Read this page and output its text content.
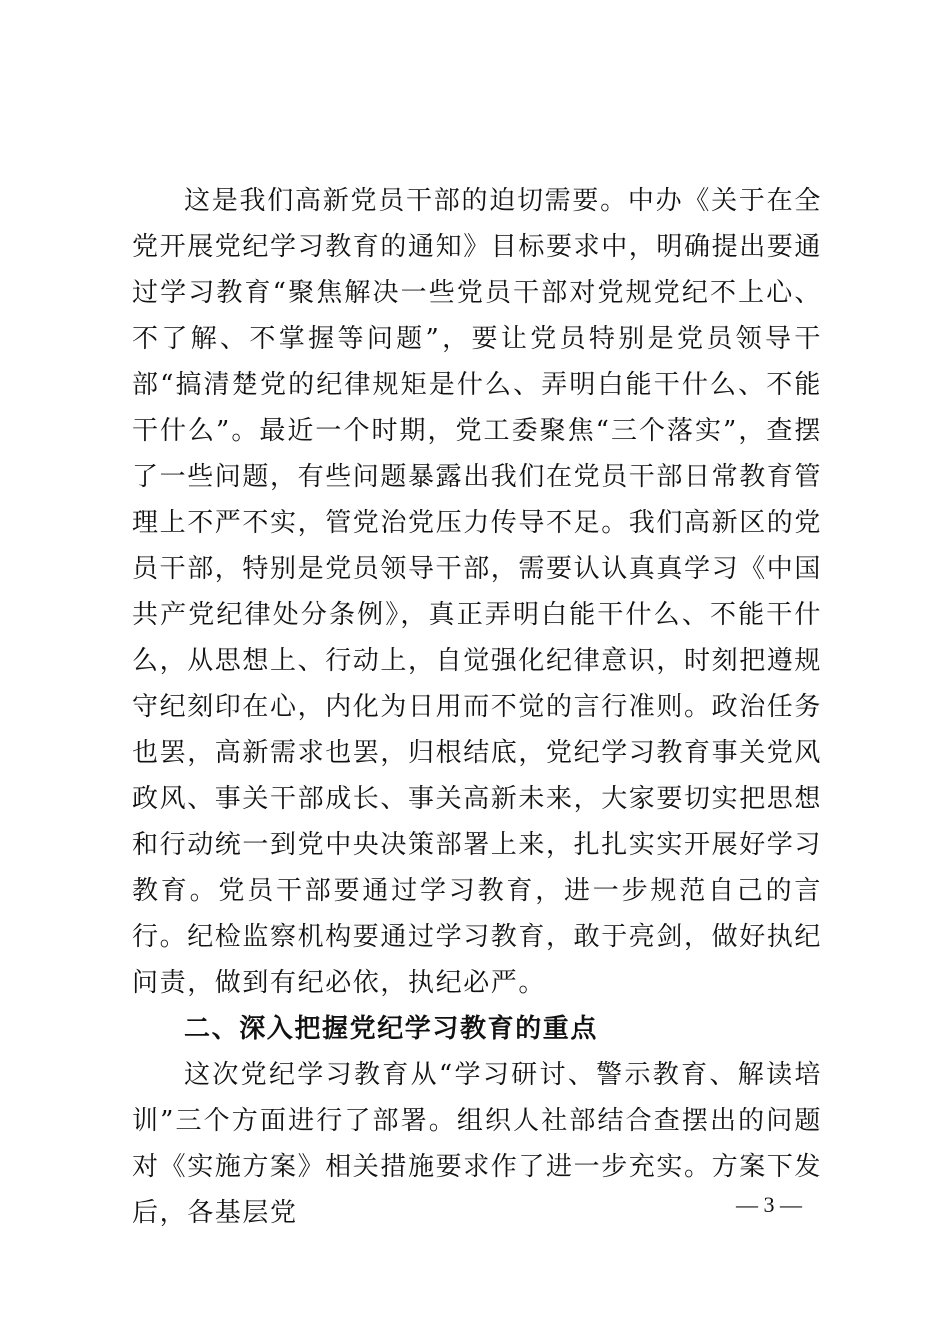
这是我们高新党员干部的迫切需要。中办《关于在全党开展党纪学习教育的通知》目标要求中，明确提出要通过学习教育“聚焦解决一些党员干部对党规党纪不上心、不了解、不掌握等问题”，要让党员特别是党员领导干部“搞清楚党的纪律规矩是什么、弄明白能干什么、不能干什么”。最近一个时期，党工委聚焦“三个落实”，查摆了一些问题，有些问题暴露出我们在党员干部日常教育管理上不严不实，管党治党压力传导不足。我们高新区的党员干部，特别是党员领导干部，需要认认真真学习《中国共产党纪律处分条例》，真正弄明白能干什么、不能干什么，从思想上、行动上，自觉强化纪律意识，时刻把遵规守纪刻印在心，内化为日用而不觉的言行准则。政治任务也罢，高新需求也罢，归根结底，党纪学习教育事关党风政风、事关干部成长、事关高新未来，大家要切实把思想和行动统一到党中央决策部署上来，扎扎实实开展好学习教育。党员干部要通过学习教育，进一步规范自己的言行。纪检监察机构要通过学习教育，敢于亮剑，做好执纪问责，做到有纪必依，执纪必严。

二、深入把握党纪学习教育的重点

这次党纪学习教育从“学习研讨、警示教育、解读培训”三个方面进行了部署。组织人社部结合查摆出的问题对《实施方案》相关措施要求作了进一步充实。方案下发后，各基层党	— 3 —
